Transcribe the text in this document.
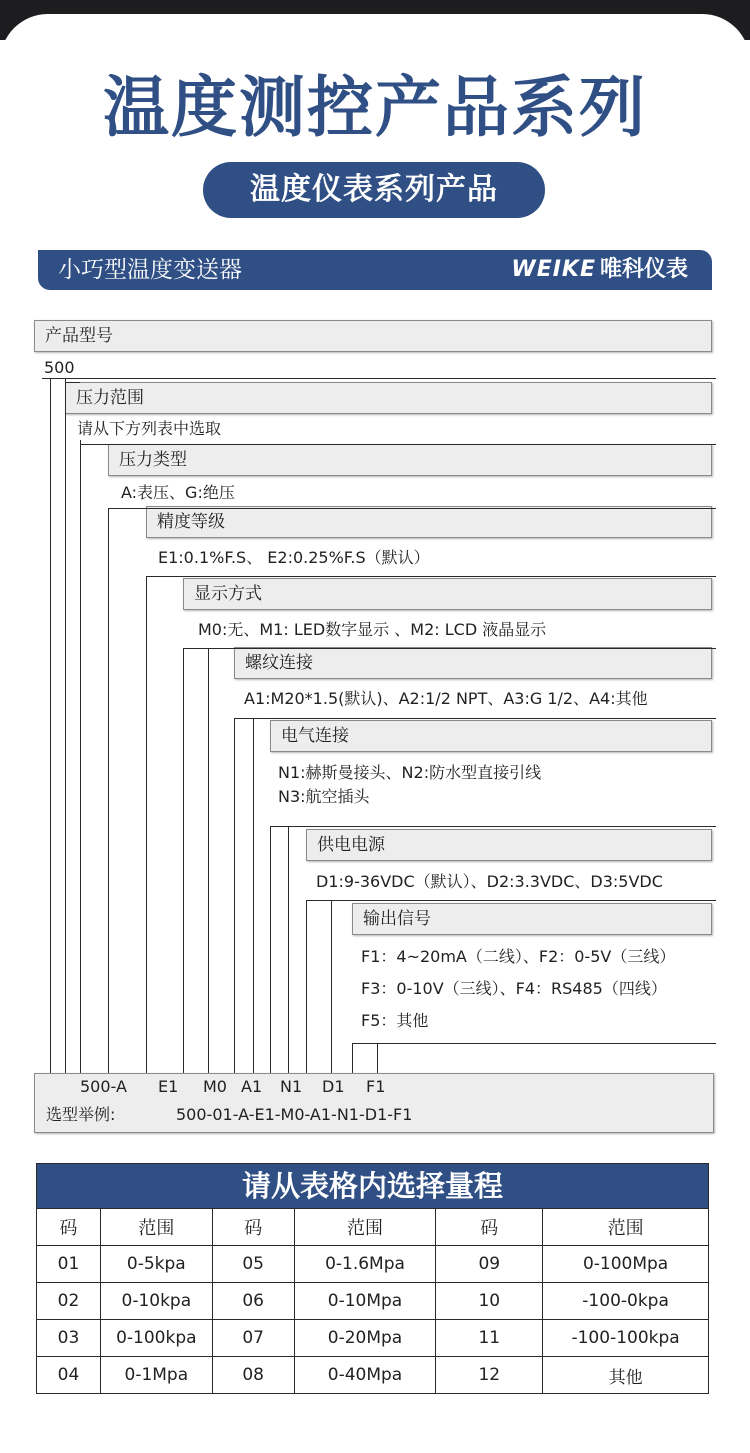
温度测控产品系列
温度仪表系列产品
小巧型温度变送器	WEIKE 唯科仪表
产品型号
500
压力范围
请从下方列表中选取
压力类型
A:表压、G:绝压
精度等级
E1:0.1%F.S、 E2:0.25%F.S（默认）
显示方式
M0:无、M1: LED数字显示 、M2: LCD 液晶显示
螺纹连接
A1:M20*1.5(默认)、A2:1/2 NPT、A3:G 1/2、A4:其他
电气连接
N1:赫斯曼接头、N2:防水型直接引线
N3:航空插头
供电电源
D1:9-36VDC（默认）、D2:3.3VDC、D3:5VDC
输出信号
F1：4~20mA（二线）、F2：0-5V（三线）
F3：0-10V（三线）、F4：RS485（四线）
F5：其他
500-A E1 M0 A1 N1 D1 F1
选型举例:	500-01-A-E1-M0-A1-N1-D1-F1
请从表格内选择量程
码	范围	码	范围	码	范围
01	0-5kpa	05	0-1.6Mpa	09	0-100Mpa
02	0-10kpa	06	0-10Mpa	10	-100-0kpa
03	0-100kpa	07	0-20Mpa	11	-100-100kpa
04	0-1Mpa	08	0-40Mpa	12	其他
